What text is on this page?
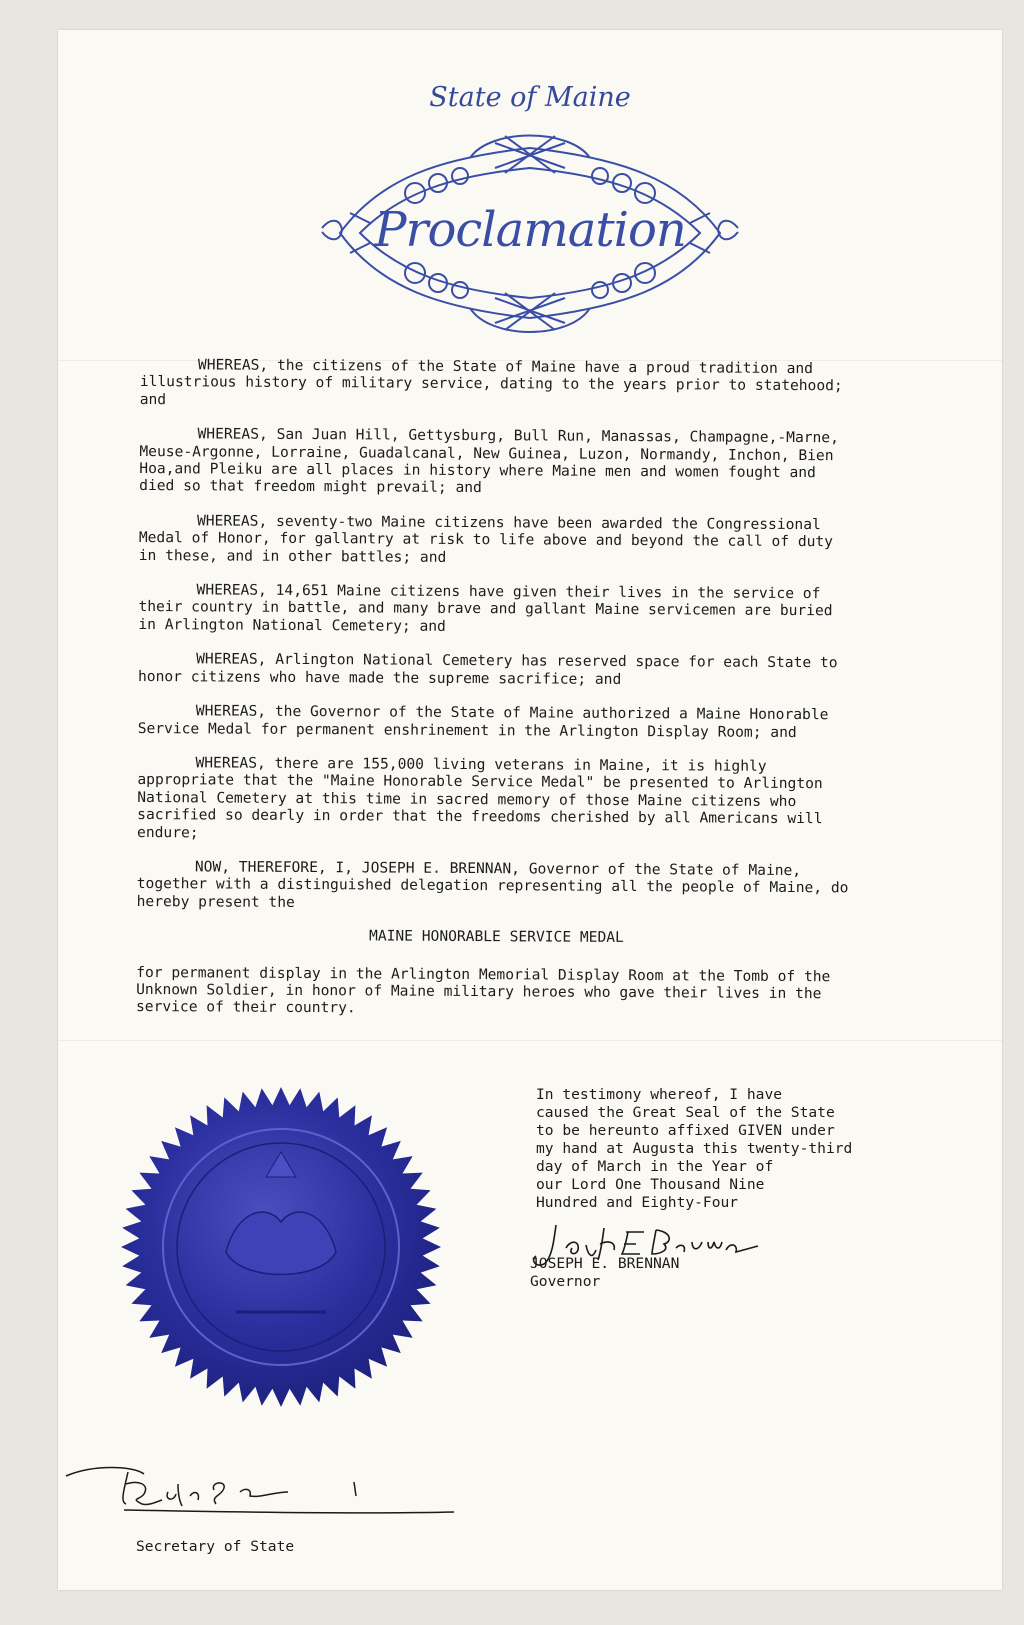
State of Maine
Proclamation

WHEREAS, the citizens of the State of Maine have a proud tradition and illustrious history of military service, dating to the years prior to statehood; and

WHEREAS, San Juan Hill, Gettysburg, Bull Run, Manassas, Champagne,-Marne, Meuse-Argonne, Lorraine, Guadalcanal, New Guinea, Luzon, Normandy, Inchon, Bien Hoa,and Pleiku are all places in history where Maine men and women fought and died so that freedom might prevail; and

WHEREAS, seventy-two Maine citizens have been awarded the Congressional Medal of Honor, for gallantry at risk to life above and beyond the call of duty in these, and in other battles; and

WHEREAS, 14,651 Maine citizens have given their lives in the service of their country in battle, and many brave and gallant Maine servicemen are buried in Arlington National Cemetery; and

WHEREAS, Arlington National Cemetery has reserved space for each State to honor citizens who have made the supreme sacrifice; and

WHEREAS, the Governor of the State of Maine authorized a Maine Honorable Service Medal for permanent enshrinement in the Arlington Display Room; and

WHEREAS, there are 155,000 living veterans in Maine, it is highly appropriate that the "Maine Honorable Service Medal" be presented to Arlington National Cemetery at this time in sacred memory of those Maine citizens who sacrified so dearly in order that the freedoms cherished by all Americans will endure;

NOW, THEREFORE, I, JOSEPH E. BRENNAN, Governor of the State of Maine, together with a distinguished delegation representing all the people of Maine, do hereby present the

MAINE HONORABLE SERVICE MEDAL

for permanent display in the Arlington Memorial Display Room at the Tomb of the Unknown Soldier, in honor of Maine military heroes who gave their lives in the service of their country.

In testimony whereof, I have

caused the Great Seal of the State

to be hereunto affixed GIVEN under

my hand at Augusta this twenty-third

day of March in the Year of

our Lord One Thousand Nine

Hundred and Eighty-Four

JOSEPH E. BRENNAN
Governor
Secretary of State
